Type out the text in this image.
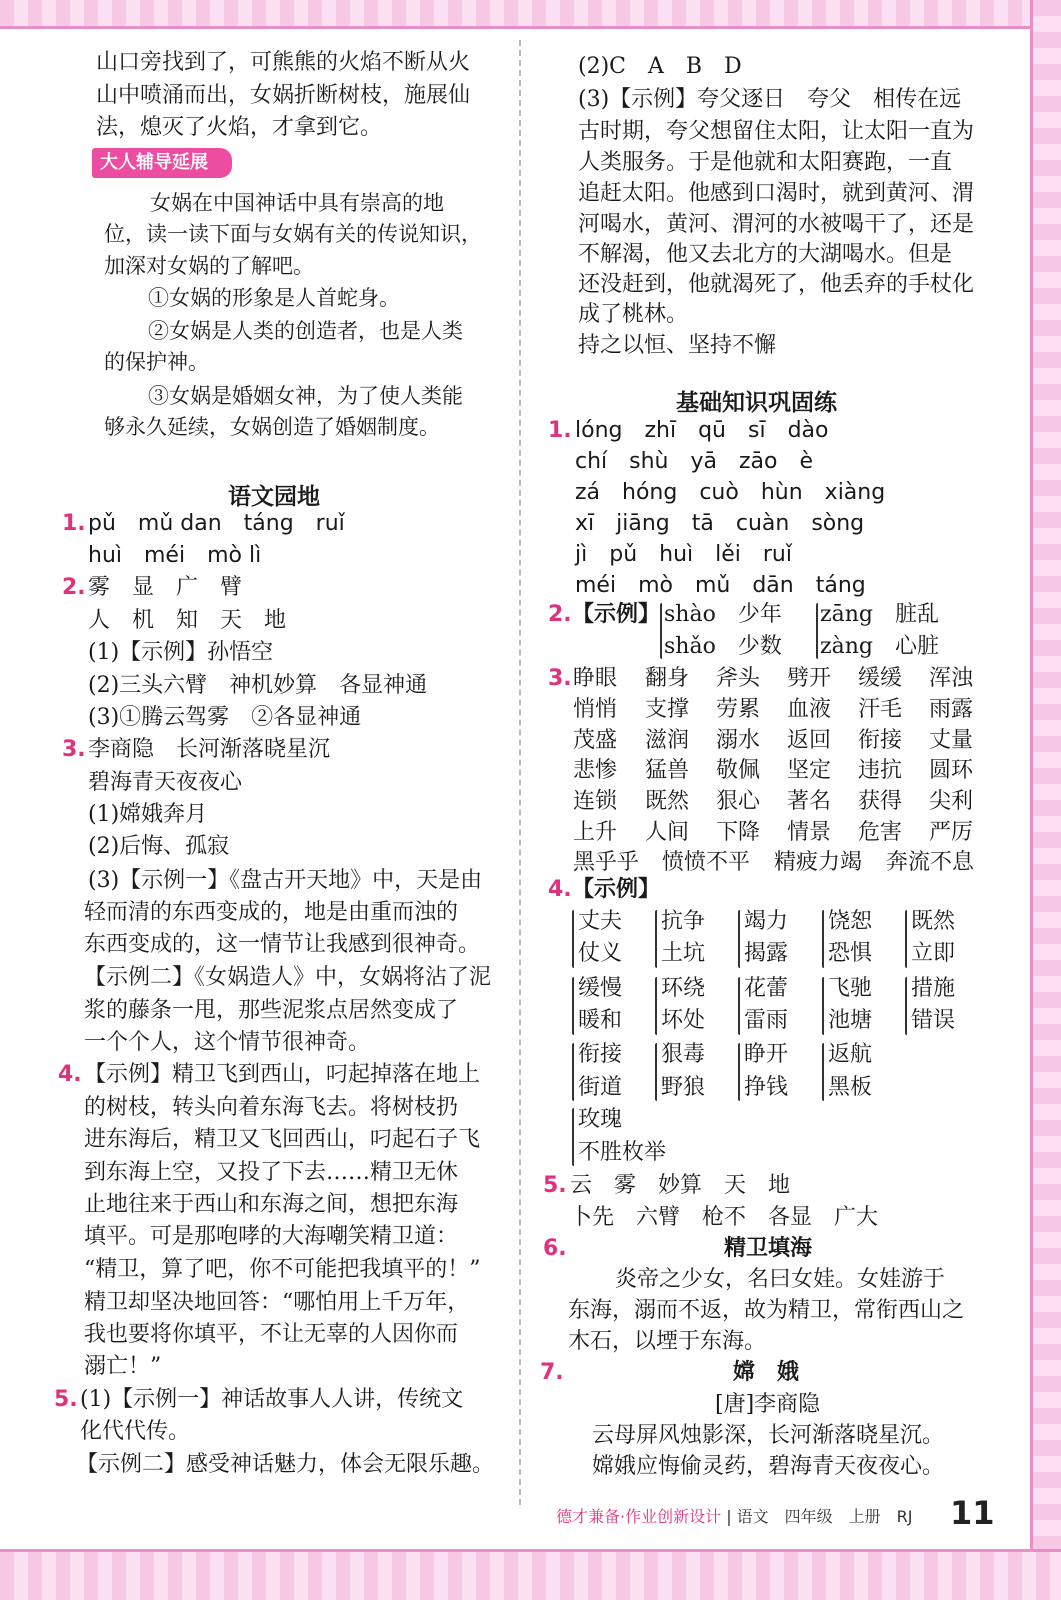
山口旁找到了，可熊熊的火焰不断从火
山中喷涌而出，女娲折断树枝，施展仙
法，熄灭了火焰，才拿到它。
大人辅导延展
女娲在中国神话中具有崇高的地
位，读一读下面与女娲有关的传说知识，
加深对女娲的了解吧。
①女娲的形象是人首蛇身。
②女娲是人类的创造者，也是人类
的保护神。
③女娲是婚姻女神，为了使人类能
够永久延续，女娲创造了婚姻制度。
语文园地
1. pǔ　mǔ dan　táng　ruǐ
huì　méi　mò lì
2. 雾　显　广　臂
人　机　知　天　地
(1)【示例】孙悟空
(2)三头六臂　神机妙算　各显神通
(3)①腾云驾雾　②各显神通
3. 李商隐　长河渐落晓星沉
碧海青天夜夜心
(1)嫦娥奔月
(2)后悔、孤寂
(3)【示例一】《盘古开天地》中，天是由
轻而清的东西变成的，地是由重而浊的
东西变成的，这一情节让我感到很神奇。
【示例二】《女娲造人》中，女娲将沾了泥
浆的藤条一甩，那些泥浆点居然变成了
一个个人，这个情节很神奇。
4. 【示例】精卫飞到西山，叼起掉落在地上
的树枝，转头向着东海飞去。将树枝扔
进东海后，精卫又飞回西山，叼起石子飞
到东海上空，又投了下去……精卫无休
止地往来于西山和东海之间，想把东海
填平。可是那咆哮的大海嘲笑精卫道：
“精卫，算了吧，你不可能把我填平的！”
精卫却坚决地回答：“哪怕用上千万年，
我也要将你填平，不让无辜的人因你而
溺亡！”
5. (1)【示例一】神话故事人人讲，传统文
化代代传。
【示例二】感受神话魅力，体会无限乐趣。
(2)C　A　B　D
(3)【示例】夸父逐日　夸父　相传在远
古时期，夸父想留住太阳，让太阳一直为
人类服务。于是他就和太阳赛跑，一直
追赶太阳。他感到口渴时，就到黄河、渭
河喝水，黄河、渭河的水被喝干了，还是
不解渴，他又去北方的大湖喝水。但是
还没赶到，他就渴死了，他丢弃的手杖化
成了桃林。
持之以恒、坚持不懈
基础知识巩固练
1. lóng　zhī　qū　sī　dào
chí　shù　yā　zāo　è
zá　hóng　cuò　hùn　xiàng
xī　jiāng　tā　cuàn　sòng
jì　pǔ　huì　lěi　ruǐ
méi　mò　mǔ　dān　táng
2. 【示例】 shào　少年
shǎo　少数
zāng　脏乱
zàng　心脏
3. 睁眼 翻身 斧头 劈开 缓缓 浑浊
悄悄 支撑 劳累 血液 汗毛 雨露
茂盛 滋润 溺水 返回 衔接 丈量
悲惨 猛兽 敬佩 坚定 违抗 圆环
连锁 既然 狠心 著名 获得 尖利
上升 人间 下降 情景 危害 严厉
黑乎乎 愤愤不平 精疲力竭 奔流不息
4. 【示例】
丈夫
仗义
抗争
土坑
竭力
揭露
饶恕
恐惧
既然
立即
缓慢
暖和
环绕
坏处
花蕾
雷雨
飞驰
池塘
措施
错误
衔接
街道
狠毒
野狼
睁开
挣钱
返航
黑板
玫瑰
不胜枚举
5. 云　雾　妙算　天　地
卜先　六臂　枪不　各显　广大
6.	精卫填海
炎帝之少女，名曰女娃。女娃游于
东海，溺而不返，故为精卫，常衔西山之
木石，以堙于东海。
7.	嫦　娥
[唐]李商隐
云母屏风烛影深，长河渐落晓星沉。
嫦娥应悔偷灵药，碧海青天夜夜心。
德才兼备·作业创新设计 | 语文　四年级　上册　RJ 11
